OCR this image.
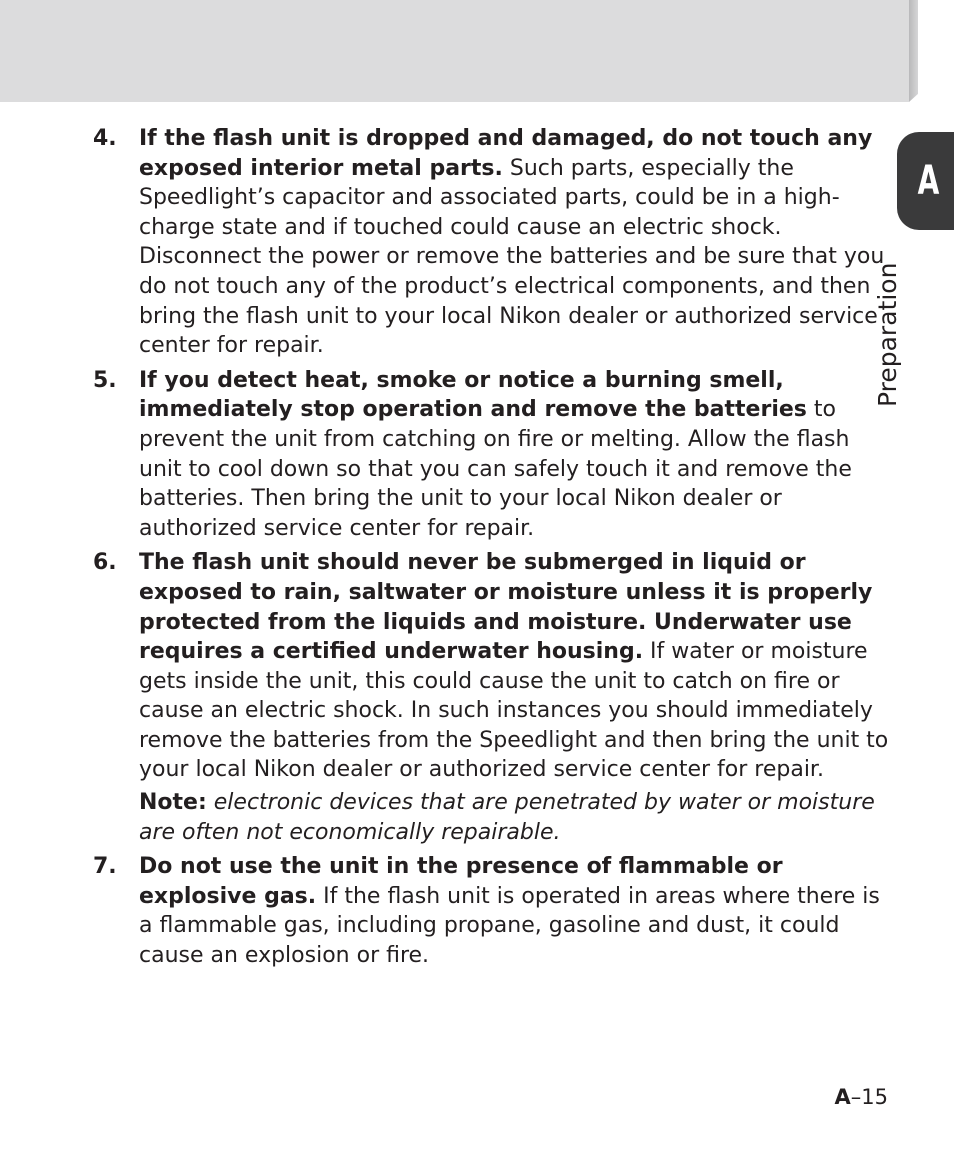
A
Preparation
4. If the flash unit is dropped and damaged, do not touch any exposed interior metal parts. Such parts, especially the Speedlight’s capacitor and associated parts, could be in a high-charge state and if touched could cause an electric shock. Disconnect the power or remove the batteries and be sure that you do not touch any of the product’s electrical components, and then bring the flash unit to your local Nikon dealer or authorized service center for repair.
5. If you detect heat, smoke or notice a burning smell, immediately stop operation and remove the batteries to prevent the unit from catching on fire or melting. Allow the flash unit to cool down so that you can safely touch it and remove the batteries. Then bring the unit to your local Nikon dealer or authorized service center for repair.
6. The flash unit should never be submerged in liquid or exposed to rain, saltwater or moisture unless it is properly protected from the liquids and moisture. Underwater use requires a certified underwater housing. If water or moisture gets inside the unit, this could cause the unit to catch on fire or cause an electric shock. In such instances you should immediately remove the batteries from the Speedlight and then bring the unit to your local Nikon dealer or authorized service center for repair.
Note: electronic devices that are penetrated by water or moisture are often not economically repairable.
7. Do not use the unit in the presence of flammable or explosive gas. If the flash unit is operated in areas where there is a flammable gas, including propane, gasoline and dust, it could cause an explosion or fire.
A–15
